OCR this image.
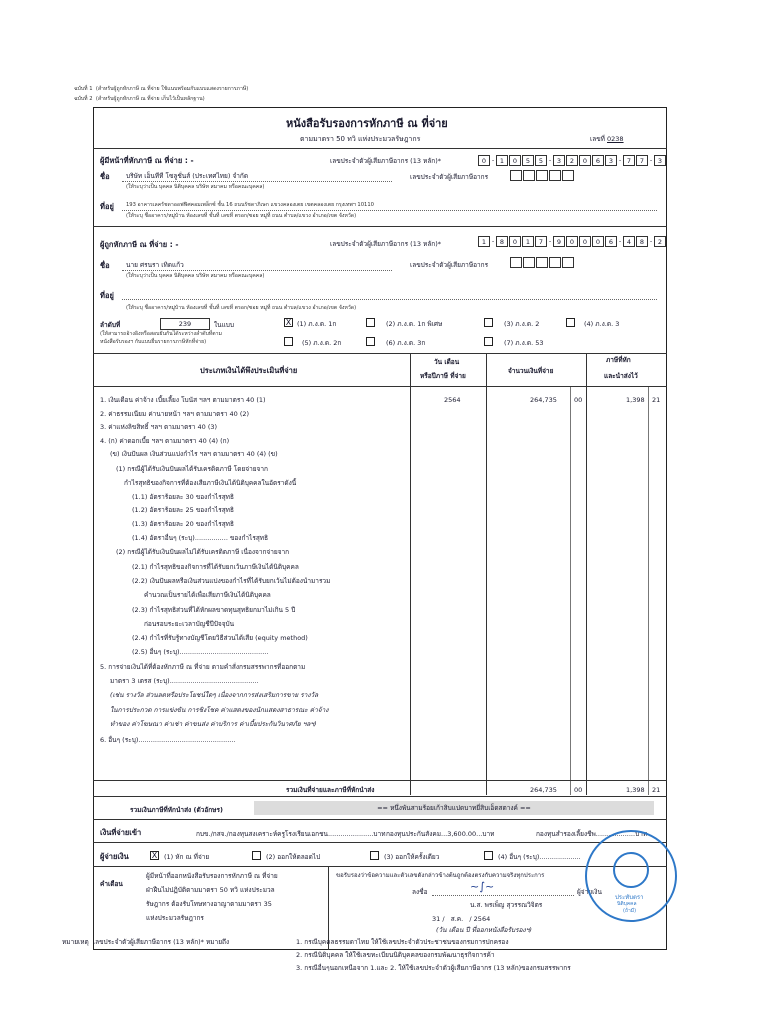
ฉบับที่ 1 (สำหรับผู้ถูกหักภาษี ณ ที่จ่าย ใช้แนบพร้อมกับแบบแสดงรายการภาษี)
ฉบับที่ 2 (สำหรับผู้ถูกหักภาษี ณ ที่จ่าย เก็บไว้เป็นหลักฐาน)
หนังสือรับรองการหักภาษี ณ ที่จ่าย
ตามมาตรา 50 ทวิ แห่งประมวลรัษฎากร	เลขที่ 0238
ผู้มีหน้าที่หักภาษี ณ ที่จ่าย : -	เลขประจำตัวผู้เสียภาษีอากร (13 หลัก)*	0 - 1	0	5	5 - 3	2	0	6	3 - 7	7 - 3
ชื่อ	บริษัท เอ็นทีที โซลูชั่นส์ (ประเทศไทย) จำกัด	เลขประจำตัวผู้เสียภาษีอากร
(ให้ระบุว่าเป็น บุคคล นิติบุคคล บริษัท สมาคม หรือคณะบุคคล)
ที่อยู่ 193 อาคารเลครัชดาออฟฟิศคอมเพล็กซ์ ชั้น 16 ถนนรัชดาภิเษก แขวงคลองเตย เขตคลองเตย กรุงเทพฯ 10110
(ให้ระบุ ชื่ออาคาร/หมู่บ้าน ห้องเลขที่ ชั้นที่ เลขที่ ตรอก/ซอย หมู่ที่ ถนน ตำบล/แขวง อำเภอ/เขต จังหวัด)
ผู้ถูกหักภาษี ณ ที่จ่าย : -	เลขประจำตัวผู้เสียภาษีอากร (13 หลัก)*	1 - 8	0	1	7 - 9	0	0	0	6 - 4	8 - 2
ชื่อ	นาย ศรนรา เทิดแก้ว	เลขประจำตัวผู้เสียภาษีอากร
(ให้ระบุว่าเป็น บุคคล นิติบุคคล บริษัท สมาคม หรือคณะบุคคล)
ที่อยู่
(ให้ระบุ ชื่ออาคาร/หมู่บ้าน ห้องเลขที่ ชั้นที่ เลขที่ ตรอก/ซอย หมู่ที่ ถนน ตำบล/แขวง อำเภอ/เขต จังหวัด)
ลำดับที่	239	ในแบบ
(ให้สามารถอ้างอิงหรือสอบยันกันได้ระหว่างลำดับที่ตาม
หนังสือรับรองฯ กับแบบยื่นรายการภาษีหักที่จ่าย)
X (1) ภ.ง.ด. 1ก	(2) ภ.ง.ด. 1ก พิเศษ	(3) ภ.ง.ด. 2	(4) ภ.ง.ด. 3
(5) ภ.ง.ด. 2ก	(6) ภ.ง.ด. 3ก	(7) ภ.ง.ด. 53
ประเภทเงินได้พึงประเมินที่จ่าย
วัน เดือน
หรือปีภาษี ที่จ่าย
จำนวนเงินที่จ่าย
ภาษีที่หัก
และนำส่งไว้
1. เงินเดือน ค่าจ้าง เบี้ยเลี้ยง โบนัส ฯลฯ ตามมาตรา 40 (1)
2. ค่าธรรมเนียม ค่านายหน้า ฯลฯ ตามมาตรา 40 (2)
3. ค่าแห่งลิขสิทธิ์ ฯลฯ ตามมาตรา 40 (3)
4. (ก) ค่าดอกเบี้ย ฯลฯ ตามมาตรา 40 (4) (ก)
(ข) เงินปันผล เงินส่วนแบ่งกำไร ฯลฯ ตามมาตรา 40 (4) (ข)
(1) กรณีผู้ได้รับเงินปันผลได้รับเครดิตภาษี โดยจ่ายจาก
กำไรสุทธิของกิจการที่ต้องเสียภาษีเงินได้นิติบุคคลในอัตราดังนี้
(1.1) อัตราร้อยละ 30 ของกำไรสุทธิ
(1.2) อัตราร้อยละ 25 ของกำไรสุทธิ
(1.3) อัตราร้อยละ 20 ของกำไรสุทธิ
(1.4) อัตราอื่นๆ (ระบุ)................ ของกำไรสุทธิ
(2) กรณีผู้ได้รับเงินปันผลไม่ได้รับเครดิตภาษี เนื่องจากจ่ายจาก
(2.1) กำไรสุทธิของกิจการที่ได้รับยกเว้นภาษีเงินได้นิติบุคคล
(2.2) เงินปันผลหรือเงินส่วนแบ่งของกำไรที่ได้รับยกเว้นไม่ต้องนำมารวม
คำนวณเป็นรายได้เพื่อเสียภาษีเงินได้นิติบุคคล
(2.3) กำไรสุทธิส่วนที่ได้หักผลขาดทุนสุทธิยกมาไม่เกิน 5 ปี
ก่อนรอบระยะเวลาบัญชีปีปัจจุบัน
(2.4) กำไรที่รับรู้ทางบัญชีโดยวิธีส่วนได้เสีย (equity method)
(2.5) อื่นๆ (ระบุ)...........................................
5. การจ่ายเงินได้ที่ต้องหักภาษี ณ ที่จ่าย ตามคำสั่งกรมสรรพากรที่ออกตาม
มาตรา 3 เตรส (ระบุ)...........................................
(เช่น รางวัล ส่วนลดหรือประโยชน์ใดๆ เนื่องจากการส่งเสริมการขาย รางวัล
ในการประกวด การแข่งขัน การชิงโชค ค่าแสดงของนักแสดงสาธารณะ ค่าจ้าง
ทำของ ค่าโฆษณา ค่าเช่า ค่าขนส่ง ค่าบริการ ค่าเบี้ยประกันวินาศภัย ฯลฯ)
6. อื่นๆ (ระบุ)...............................................
2564	264,735	00	1,398 21
รวมเงินที่จ่ายและภาษีที่หักนำส่ง	264,735	00	1,398 21
รวมเงินภาษีที่หักนำส่ง (ตัวอักษร)	== หนึ่งพันสามร้อยเก้าสิบแปดบาทยี่สิบเอ็ดสตางค์ ==
เงินที่จ่ายเข้า	กบข./กสจ./กองทุนสงเคราะห์ครูโรงเรียนเอกชน......................บาท กองทุนประกันสังคม...3,600.00...บาท	กองทุนสำรองเลี้ยงชีพ...................บาท
ผู้จ่ายเงิน	X (1) หัก ณ ที่จ่าย	(2) ออกให้ตลอดไป	(3) ออกให้ครั้งเดียว	(4) อื่นๆ (ระบุ)....................
คำเตือน
ผู้มีหน้าที่ออกหนังสือรับรองการหักภาษี ณ ที่จ่าย
ฝ่าฝืนไม่ปฏิบัติตามมาตรา 50 ทวิ แห่งประมวล
รัษฎากร ต้องรับโทษทางอาญาตามมาตรา 35
แห่งประมวลรัษฎากร
ขอรับรองว่าข้อความและตัวเลขดังกล่าวข้างต้นถูกต้องตรงกับความจริงทุกประการ
ลงชื่อ	~∫~	ผู้จ่ายเงิน
น.ส. พรเพ็ญ สุวรรณวิจิตร
31 /   ส.ค.   / 2564
(วัน เดือน ปี ที่ออกหนังสือรับรองฯ)
ประทับตรา
นิติบุคคล
(ถ้ามี)
หมายเหตุ เลขประจำตัวผู้เสียภาษีอากร (13 หลัก)* หมายถึง	1. กรณีบุคคลธรรมดาไทย ให้ใช้เลขประจำตัวประชาชนของกรมการปกครอง
2. กรณีนิติบุคคล ให้ใช้เลขทะเบียนนิติบุคคลของกรมพัฒนาธุรกิจการค้า
3. กรณีอื่นๆนอกเหนือจาก 1.และ 2. ให้ใช้เลขประจำตัวผู้เสียภาษีอากร (13 หลัก)ของกรมสรรพากร
